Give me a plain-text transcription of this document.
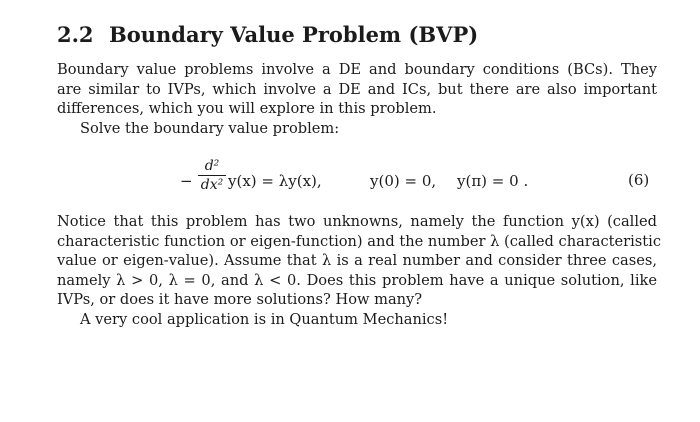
2.2 Boundary Value Problem (BVP)
Boundary value problems involve a DE and boundary conditions (BCs). They
are similar to IVPs, which involve a DE and ICs, but there are also important
differences, which you will explore in this problem.
Solve the boundary value problem:
−
d²
dx² y(x) = λy(x),	y(0) = 0, y(π) = 0 .	(6)
Notice that this problem has two unknowns, namely the function y(x) (called
characteristic function or eigen-function) and the number λ (called characteristic
value or eigen-value). Assume that λ is a real number and consider three cases,
namely λ > 0, λ = 0, and λ < 0. Does this problem have a unique solution, like
IVPs, or does it have more solutions? How many?
A very cool application is in Quantum Mechanics!
